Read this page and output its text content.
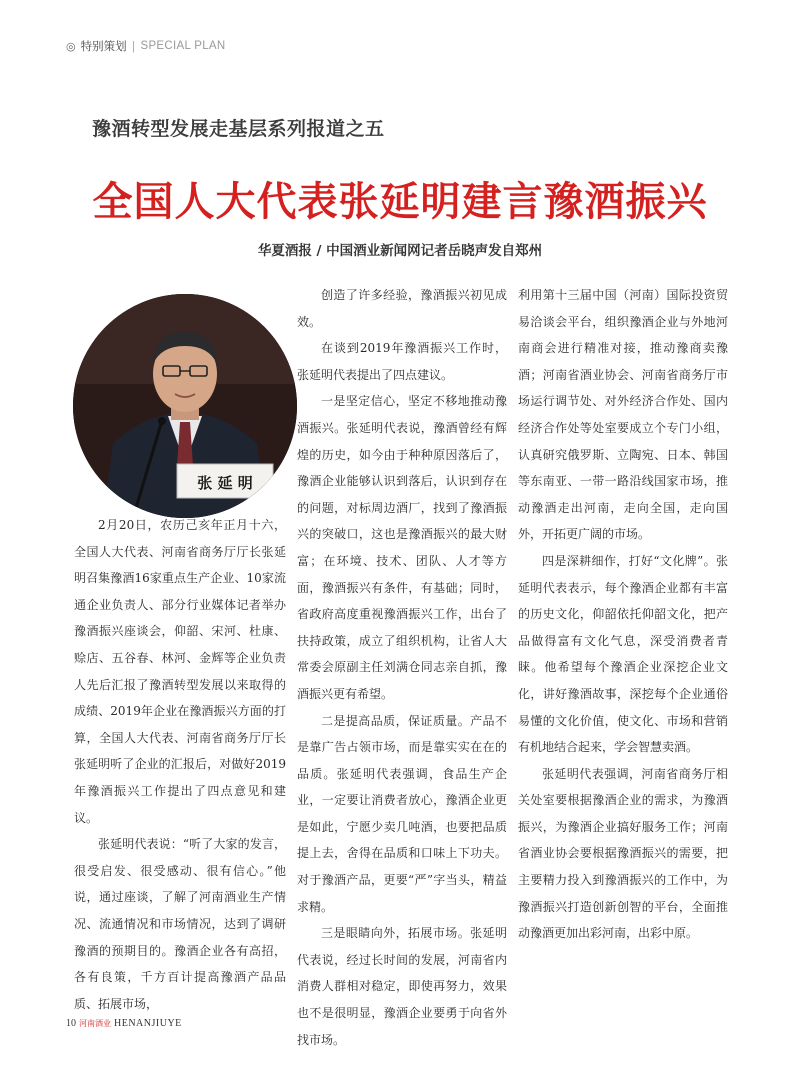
◎ 特别策划 | SPECIAL PLAN
豫酒转型发展走基层系列报道之五
全国人大代表张延明建言豫酒振兴
华夏酒报 / 中国酒业新闻网记者岳晓声发自郑州
张 延 明

2月20日，农历己亥年正月十六，全国人大代表、河南省商务厅厅长张延明召集豫酒16家重点生产企业、10家流通企业负责人、部分行业媒体记者举办豫酒振兴座谈会，仰韶、宋河、杜康、赊店、五谷春、林河、金辉等企业负责人先后汇报了豫酒转型发展以来取得的成绩、2019年企业在豫酒振兴方面的打算，全国人大代表、河南省商务厅厅长张延明听了企业的汇报后，对做好2019年豫酒振兴工作提出了四点意见和建议。

张延明代表说：“听了大家的发言，很受启发、很受感动、很有信心。”他说，通过座谈，了解了河南酒业生产情况、流通情况和市场情况，达到了调研豫酒的预期目的。豫酒企业各有高招，各有良策，千方百计提高豫酒产品品质、拓展市场，

创造了许多经验，豫酒振兴初见成效。

在谈到2019年豫酒振兴工作时，张延明代表提出了四点建议。

一是坚定信心，坚定不移地推动豫酒振兴。张延明代表说，豫酒曾经有辉煌的历史，如今由于种种原因落后了，豫酒企业能够认识到落后，认识到存在的问题，对标周边酒厂，找到了豫酒振兴的突破口，这也是豫酒振兴的最大财富；在环境、技术、团队、人才等方面，豫酒振兴有条件，有基础；同时，省政府高度重视豫酒振兴工作，出台了扶持政策，成立了组织机构，让省人大常委会原副主任刘满仓同志亲自抓，豫酒振兴更有希望。

二是提高品质，保证质量。产品不是靠广告占领市场，而是靠实实在在的品质。张延明代表强调，食品生产企业，一定要让消费者放心，豫酒企业更是如此，宁愿少卖几吨酒，也要把品质提上去，舍得在品质和口味上下功夫。对于豫酒产品，更要“严”字当头，精益求精。

三是眼睛向外，拓展市场。张延明代表说，经过长时间的发展，河南省内消费人群相对稳定，即使再努力，效果也不是很明显，豫酒企业要勇于向省外找市场。

利用第十三届中国（河南）国际投资贸易洽谈会平台，组织豫酒企业与外地河南商会进行精准对接，推动豫商卖豫酒；河南省酒业协会、河南省商务厅市场运行调节处、对外经济合作处、国内经济合作处等处室要成立个专门小组，认真研究俄罗斯、立陶宛、日本、韩国等东南亚、一带一路沿线国家市场，推动豫酒走出河南，走向全国，走向国外，开拓更广阔的市场。

四是深耕细作，打好“文化牌”。张延明代表表示，每个豫酒企业都有丰富的历史文化，仰韶依托仰韶文化，把产品做得富有文化气息，深受消费者青睐。他希望每个豫酒企业深挖企业文化，讲好豫酒故事，深挖每个企业通俗易懂的文化价值，使文化、市场和营销有机地结合起来，学会智慧卖酒。

张延明代表强调，河南省商务厅相关处室要根据豫酒企业的需求，为豫酒振兴，为豫酒企业搞好服务工作；河南省酒业协会要根据豫酒振兴的需要，把主要精力投入到豫酒振兴的工作中，为豫酒振兴打造创新创智的平台，全面推动豫酒更加出彩河南，出彩中原。

10 河南酒业 HENANJIUYE
